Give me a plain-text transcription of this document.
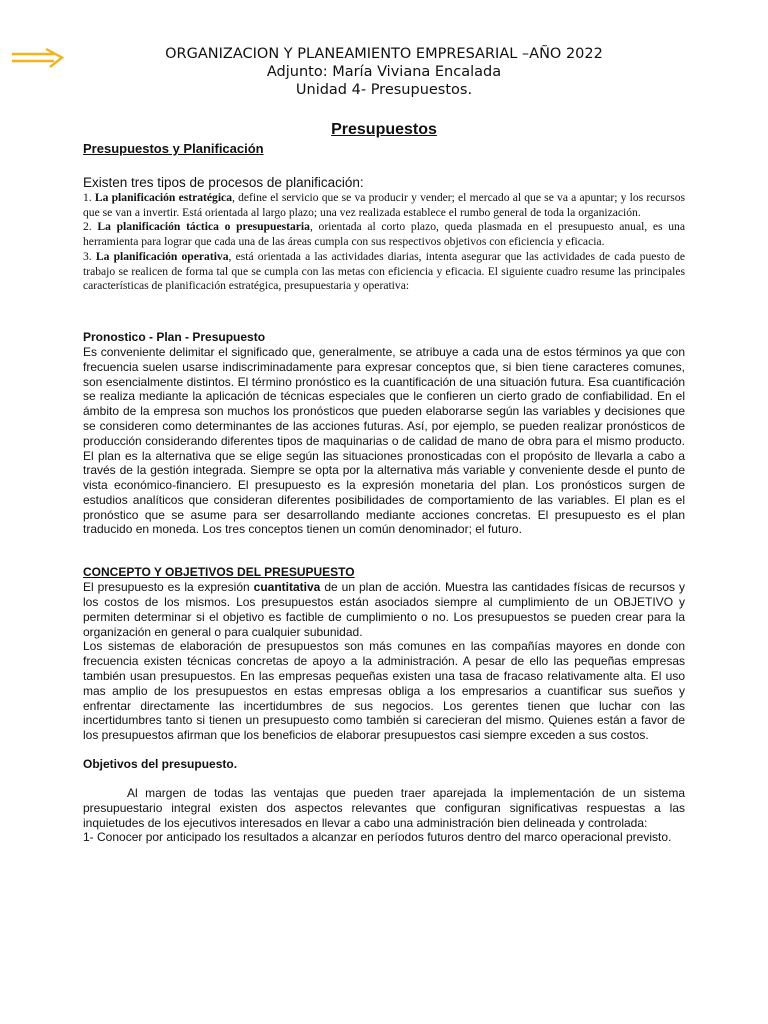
ORGANIZACION Y PLANEAMIENTO EMPRESARIAL –AÑO 2022
Adjunto: María Viviana Encalada
Unidad 4- Presupuestos.
Presupuestos

Presupuestos y Planificación

Existen tres tipos de procesos de planificación:

1. La planificación estratégica, define el servicio que se va producir y vender; el mercado al que se va a apuntar; y los recursos que se van a invertir. Está orientada al largo plazo; una vez realizada establece el rumbo general de toda la organización.

2. La planificación táctica o presupuestaria, orientada al corto plazo, queda plasmada en el presupuesto anual, es una herramienta para lograr que cada una de las áreas cumpla con sus respectivos objetivos con eficiencia y eficacia.

3. La planificación operativa, está orientada a las actividades diarias, intenta asegurar que las actividades de cada puesto de trabajo se realicen de forma tal que se cumpla con las metas con eficiencia y eficacia. El siguiente cuadro resume las principales características de planificación estratégica, presupuestaria y operativa:

Pronostico - Plan - Presupuesto

Es conveniente delimitar el significado que, generalmente, se atribuye a cada una de estos términos ya que con frecuencia suelen usarse indiscriminadamente para expresar conceptos que, si bien tiene caracteres comunes, son esencialmente distintos. El término pronóstico es la cuantificación de una situación futura. Esa cuantificación se realiza mediante la aplicación de técnicas especiales que le confieren un cierto grado de confiabilidad. En el ámbito de la empresa son muchos los pronósticos que pueden elaborarse según las variables y decisiones que se consideren como determinantes de las acciones futuras. Así, por ejemplo, se pueden realizar pronósticos de producción considerando diferentes tipos de maquinarias o de calidad de mano de obra para el mismo producto. El plan es la alternativa que se elige según las situaciones pronosticadas con el propósito de llevarla a cabo a través de la gestión integrada. Siempre se opta por la alternativa más variable y conveniente desde el punto de vista económico-financiero. El presupuesto es la expresión monetaria del plan. Los pronósticos surgen de estudios analíticos que consideran diferentes posibilidades de comportamiento de las variables. El plan es el pronóstico que se asume para ser desarrollando mediante acciones concretas. El presupuesto es el plan traducido en moneda. Los tres conceptos tienen un común denominador; el futuro.

CONCEPTO Y OBJETIVOS DEL PRESUPUESTO

El presupuesto es la expresión cuantitativa de un plan de acción. Muestra las cantidades físicas de recursos y los costos de los mismos. Los presupuestos están asociados siempre al cumplimiento de un OBJETIVO y permiten determinar si el objetivo es factible de cumplimiento o no. Los presupuestos se pueden crear para la organización en general o para cualquier subunidad.

Los sistemas de elaboración de presupuestos son más comunes en las compañías mayores en donde con frecuencia existen técnicas concretas de apoyo a la administración. A pesar de ello las pequeñas empresas también usan presupuestos. En las empresas pequeñas existen una tasa de fracaso relativamente alta. El uso mas amplio de los presupuestos en estas empresas obliga a los empresarios a cuantificar sus sueños y enfrentar directamente las incertidumbres de sus negocios. Los gerentes tienen que luchar con las incertidumbres tanto si tienen un presupuesto como también si carecieran del mismo. Quienes están a favor de los presupuestos afirman que los beneficios de elaborar presupuestos casi siempre exceden a sus costos.

Objetivos del presupuesto.

Al margen de todas las ventajas que pueden traer aparejada la implementación de un sistema presupuestario integral existen dos aspectos relevantes que configuran significativas respuestas a las inquietudes de los ejecutivos interesados en llevar a cabo una administración bien delineada y controlada:

1- Conocer por anticipado los resultados a alcanzar en períodos futuros dentro del marco operacional previsto.
